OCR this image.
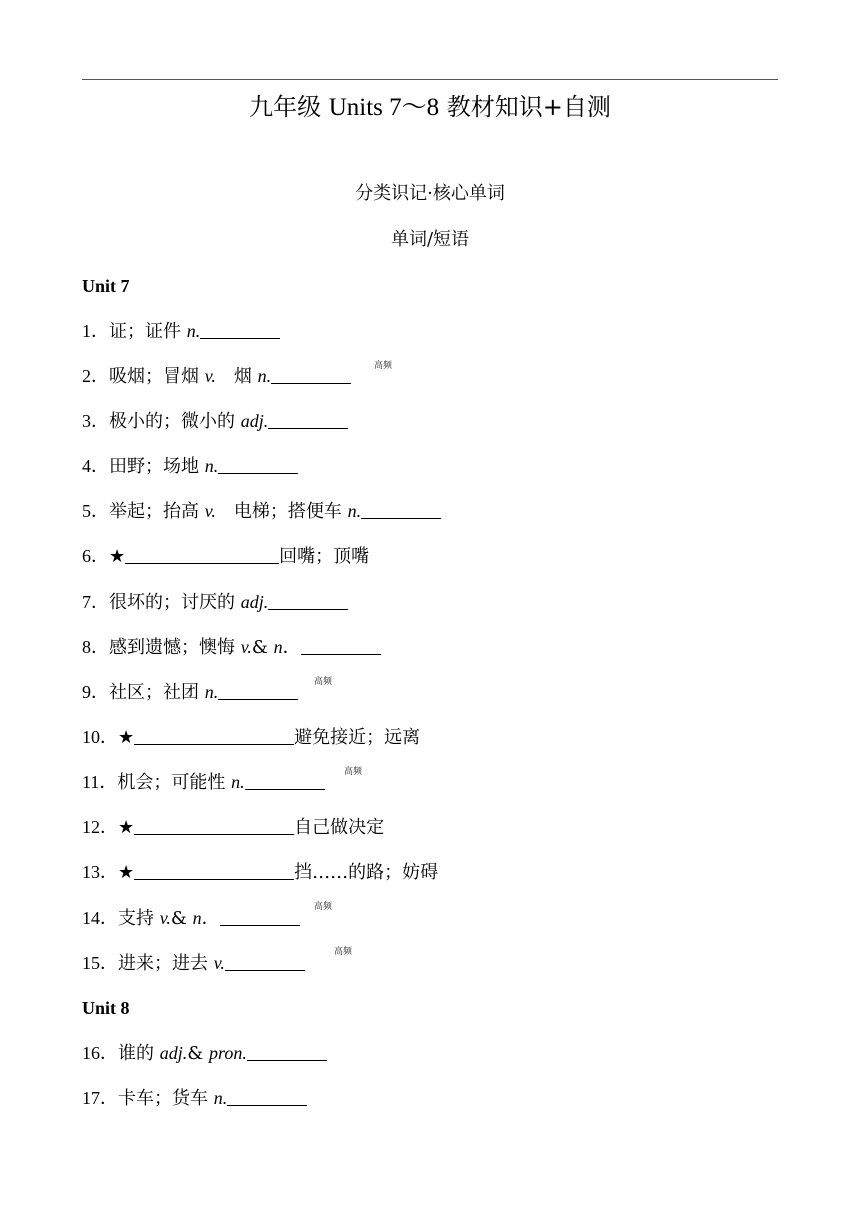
九年级 Units 7～8 教材知识+自测
分类识记·核心单词
单词/短语
Unit 7
1．证；证件 n.
2．吸烟；冒烟 v.　烟 n.	高频
3．极小的；微小的 adj.
4．田野；场地 n.
5．举起；抬高 v.　电梯；搭便车 n.
6．★	回嘴；顶嘴
7．很坏的；讨厌的 adj.
8．感到遗憾；懊悔 v.& n．
9．社区；社团 n.	高频
10．★	避免接近；远离
11．机会；可能性 n.	高频
12．★	自己做决定
13．★	挡……的路；妨碍
14．支持 v.& n．
高频
15．进来；进去 v.
高频
Unit 8
16．谁的 adj.& pron.
17．卡车；货车 n.
